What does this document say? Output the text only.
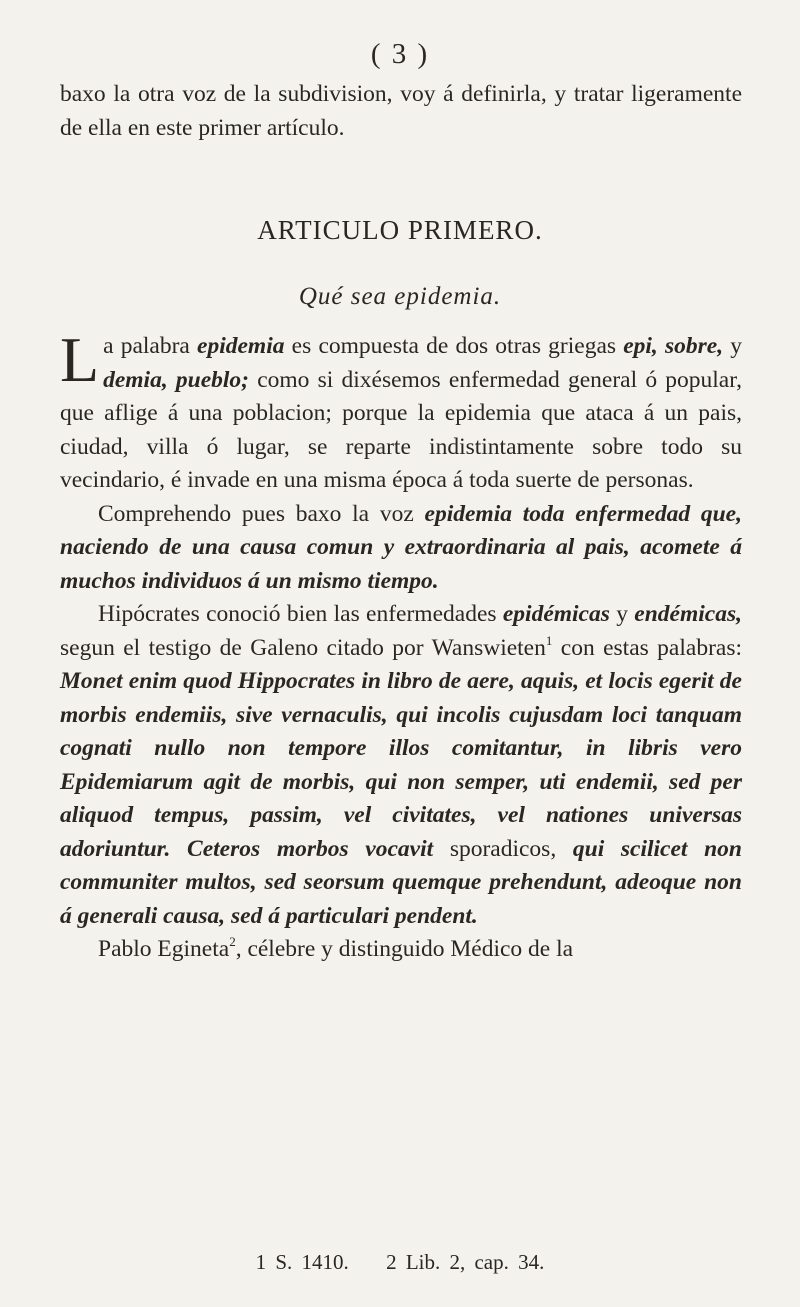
( 3 )

baxo la otra voz de la subdivision, voy á definirla, y tratar ligeramente de ella en este primer artículo.

ARTICULO PRIMERO.
Qué sea epidemia.

La palabra epidemia es compuesta de dos otras griegas epi, sobre, y demia, pueblo; como si dixésemos enfermedad general ó popular, que aflige á una poblacion; porque la epidemia que ataca á un pais, ciudad, villa ó lugar, se reparte indistintamente sobre todo su vecindario, é invade en una misma época á toda suerte de personas.

Comprehendo pues baxo la voz epidemia toda enfermedad que, naciendo de una causa comun y extraordinaria al pais, acomete á muchos individuos á un mismo tiempo.

Hipócrates conoció bien las enfermedades epidémicas y endémicas, segun el testigo de Galeno citado por Wanswieten$^1$ con estas palabras: Monet enim quod Hippocrates in libro de aere, aquis, et locis egerit de morbis endemiis, sive vernaculis, qui incolis cujusdam loci tanquam cognati nullo non tempore illos comitantur, in libris vero Epidemiarum agit de morbis, qui non semper, uti endemii, sed per aliquod tempus, passim, vel civitates, vel nationes universas adoriuntur. Ceteros morbos vocavit sporadicos, qui scilicet non communiter multos, sed seorsum quemque prehendunt, adeoque non á generali causa, sed á particulari pendent.

Pablo Egineta$^2$, célebre y distinguido Médico de la

1 S. 1410. 2 Lib. 2, cap. 34.
